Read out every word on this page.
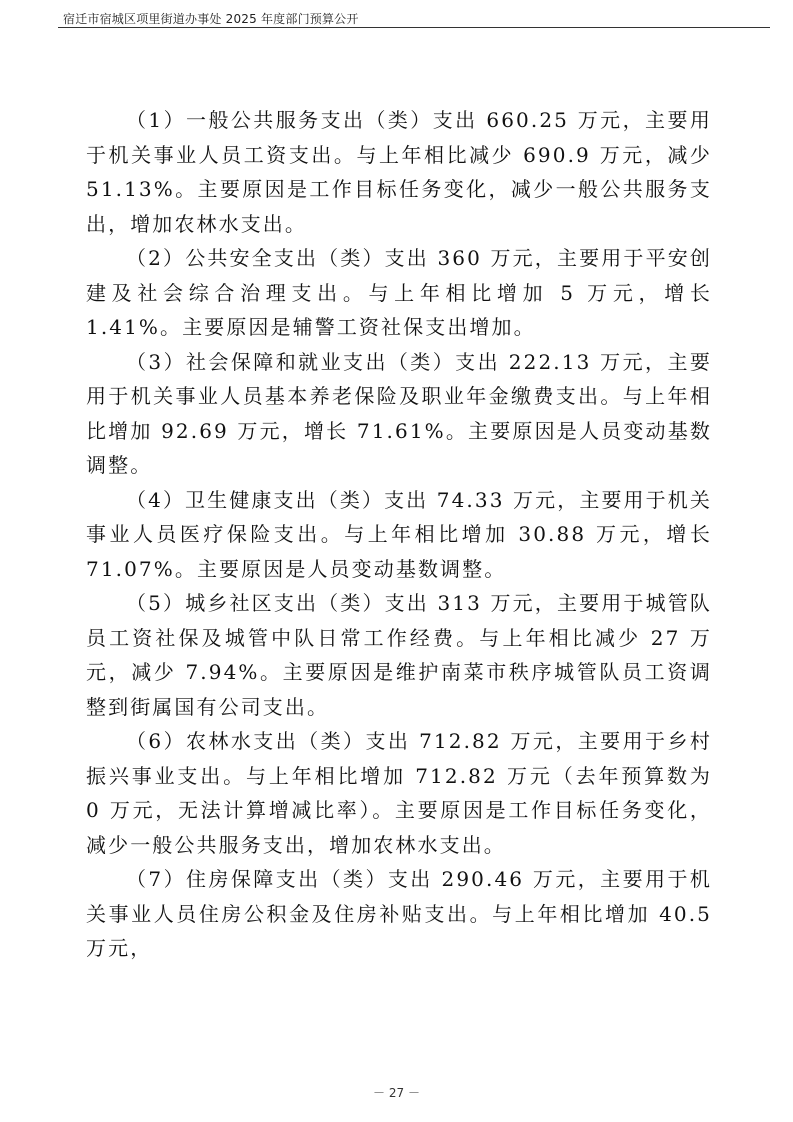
宿迁市宿城区项里街道办事处 2025 年度部门预算公开

（1）一般公共服务支出（类）支出 660.25 万元，主要用于机关事业人员工资支出。与上年相比减少 690.9 万元，减少 51.13%。主要原因是工作目标任务变化，减少一般公共服务支出，增加农林水支出。

（2）公共安全支出（类）支出 360 万元，主要用于平安创建及社会综合治理支出。与上年相比增加 5 万元，增长 1.41%。主要原因是辅警工资社保支出增加。

（3）社会保障和就业支出（类）支出 222.13 万元，主要用于机关事业人员基本养老保险及职业年金缴费支出。与上年相比增加 92.69 万元，增长 71.61%。主要原因是人员变动基数调整。

（4）卫生健康支出（类）支出 74.33 万元，主要用于机关事业人员医疗保险支出。与上年相比增加 30.88 万元，增长 71.07%。主要原因是人员变动基数调整。

（5）城乡社区支出（类）支出 313 万元，主要用于城管队员工资社保及城管中队日常工作经费。与上年相比减少 27 万元，减少 7.94%。主要原因是维护南菜市秩序城管队员工资调整到街属国有公司支出。

（6）农林水支出（类）支出 712.82 万元，主要用于乡村振兴事业支出。与上年相比增加 712.82 万元（去年预算数为 0 万元，无法计算增减比率）。主要原因是工作目标任务变化，减少一般公共服务支出，增加农林水支出。

（7）住房保障支出（类）支出 290.46 万元，主要用于机关事业人员住房公积金及住房补贴支出。与上年相比增加 40.5 万元，

－ 27 －
